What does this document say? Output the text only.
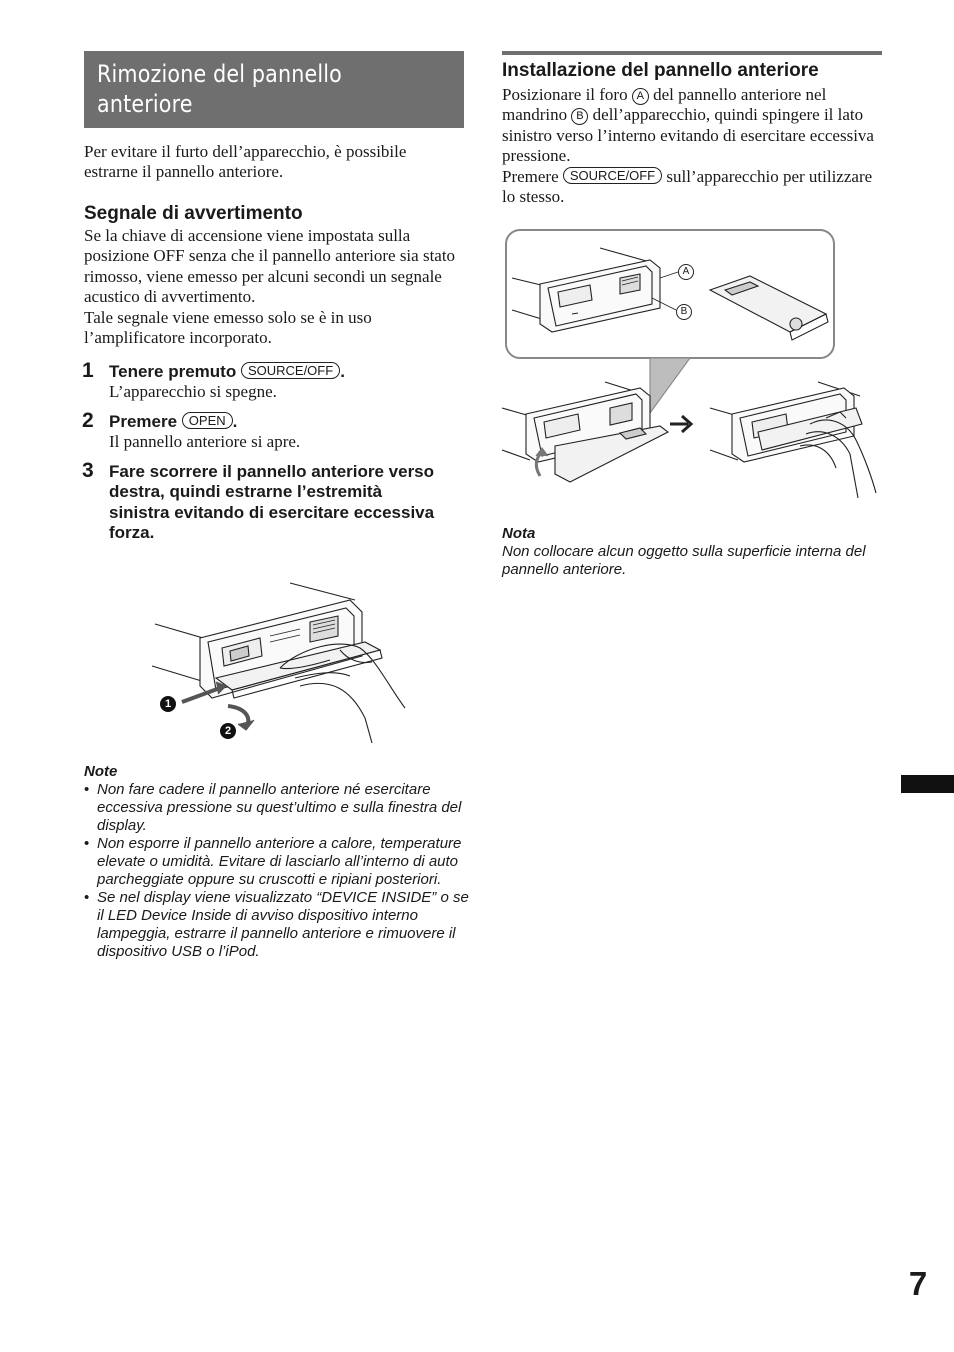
Rimozione del pannello anteriore
Per evitare il furto dell’apparecchio, è possibile estrarne il pannello anteriore.
Segnale di avvertimento
Se la chiave di accensione viene impostata sulla posizione OFF senza che il pannello anteriore sia stato rimosso, viene emesso per alcuni secondi un segnale acustico di avvertimento.
Tale segnale viene emesso solo se è in uso l’amplificatore incorporato.
1 Tenere premuto SOURCE/OFF .
L’apparecchio si spegne.
2 Premere OPEN .
Il pannello anteriore si apre.
3 Fare scorrere il pannello anteriore verso destra, quindi estrarne l’estremità sinistra evitando di esercitare eccessiva forza.
1
2
Note
• Non fare cadere il pannello anteriore né esercitare eccessiva pressione su quest’ultimo e sulla finestra del display.
• Non esporre il pannello anteriore a calore, temperature elevate o umidità. Evitare di lasciarlo all’interno di auto parcheggiate oppure su cruscotti e ripiani posteriori.
• Se nel display viene visualizzato “DEVICE INSIDE” o se il LED Device Inside di avviso dispositivo interno lampeggia, estrarre il pannello anteriore e rimuovere il dispositivo USB o l’iPod.
Installazione del pannello anteriore
Posizionare il foro A del pannello anteriore nel mandrino B dell’apparecchio, quindi spingere il lato sinistro verso l’interno evitando di esercitare eccessiva pressione.
Premere SOURCE/OFF sull’apparecchio per utilizzare lo stesso.
A
B
Nota
Non collocare alcun oggetto sulla superficie interna del pannello anteriore.
7
